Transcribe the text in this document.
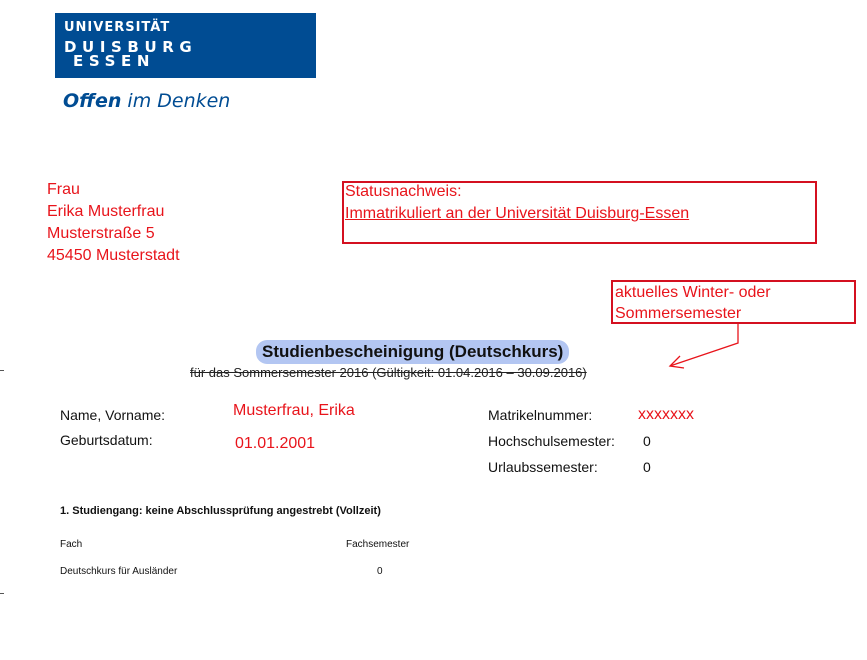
UNIVERSITÄT
DUISBURG
ESSEN
Offen im Denken
Frau
Erika Musterfrau
Musterstraße 5
45450 Musterstadt
Statusnachweis:
Immatrikuliert an der Universität Duisburg-Essen
aktuelles Winter- oder
Sommersemester
Studienbescheinigung (Deutschkurs)
für das Sommersemester 2016 (Gültigkeit: 01.04.2016 – 30.09.2016)
Name, Vorname:	Musterfrau, Erika
Geburtsdatum:	01.01.2001
Matrikelnummer:	xxxxxxx
Hochschulsemester: 0
Urlaubssemester:	0
1. Studiengang: keine Abschlussprüfung angestrebt (Vollzeit)
Fach	Fachsemester
Deutschkurs für Ausländer	0
